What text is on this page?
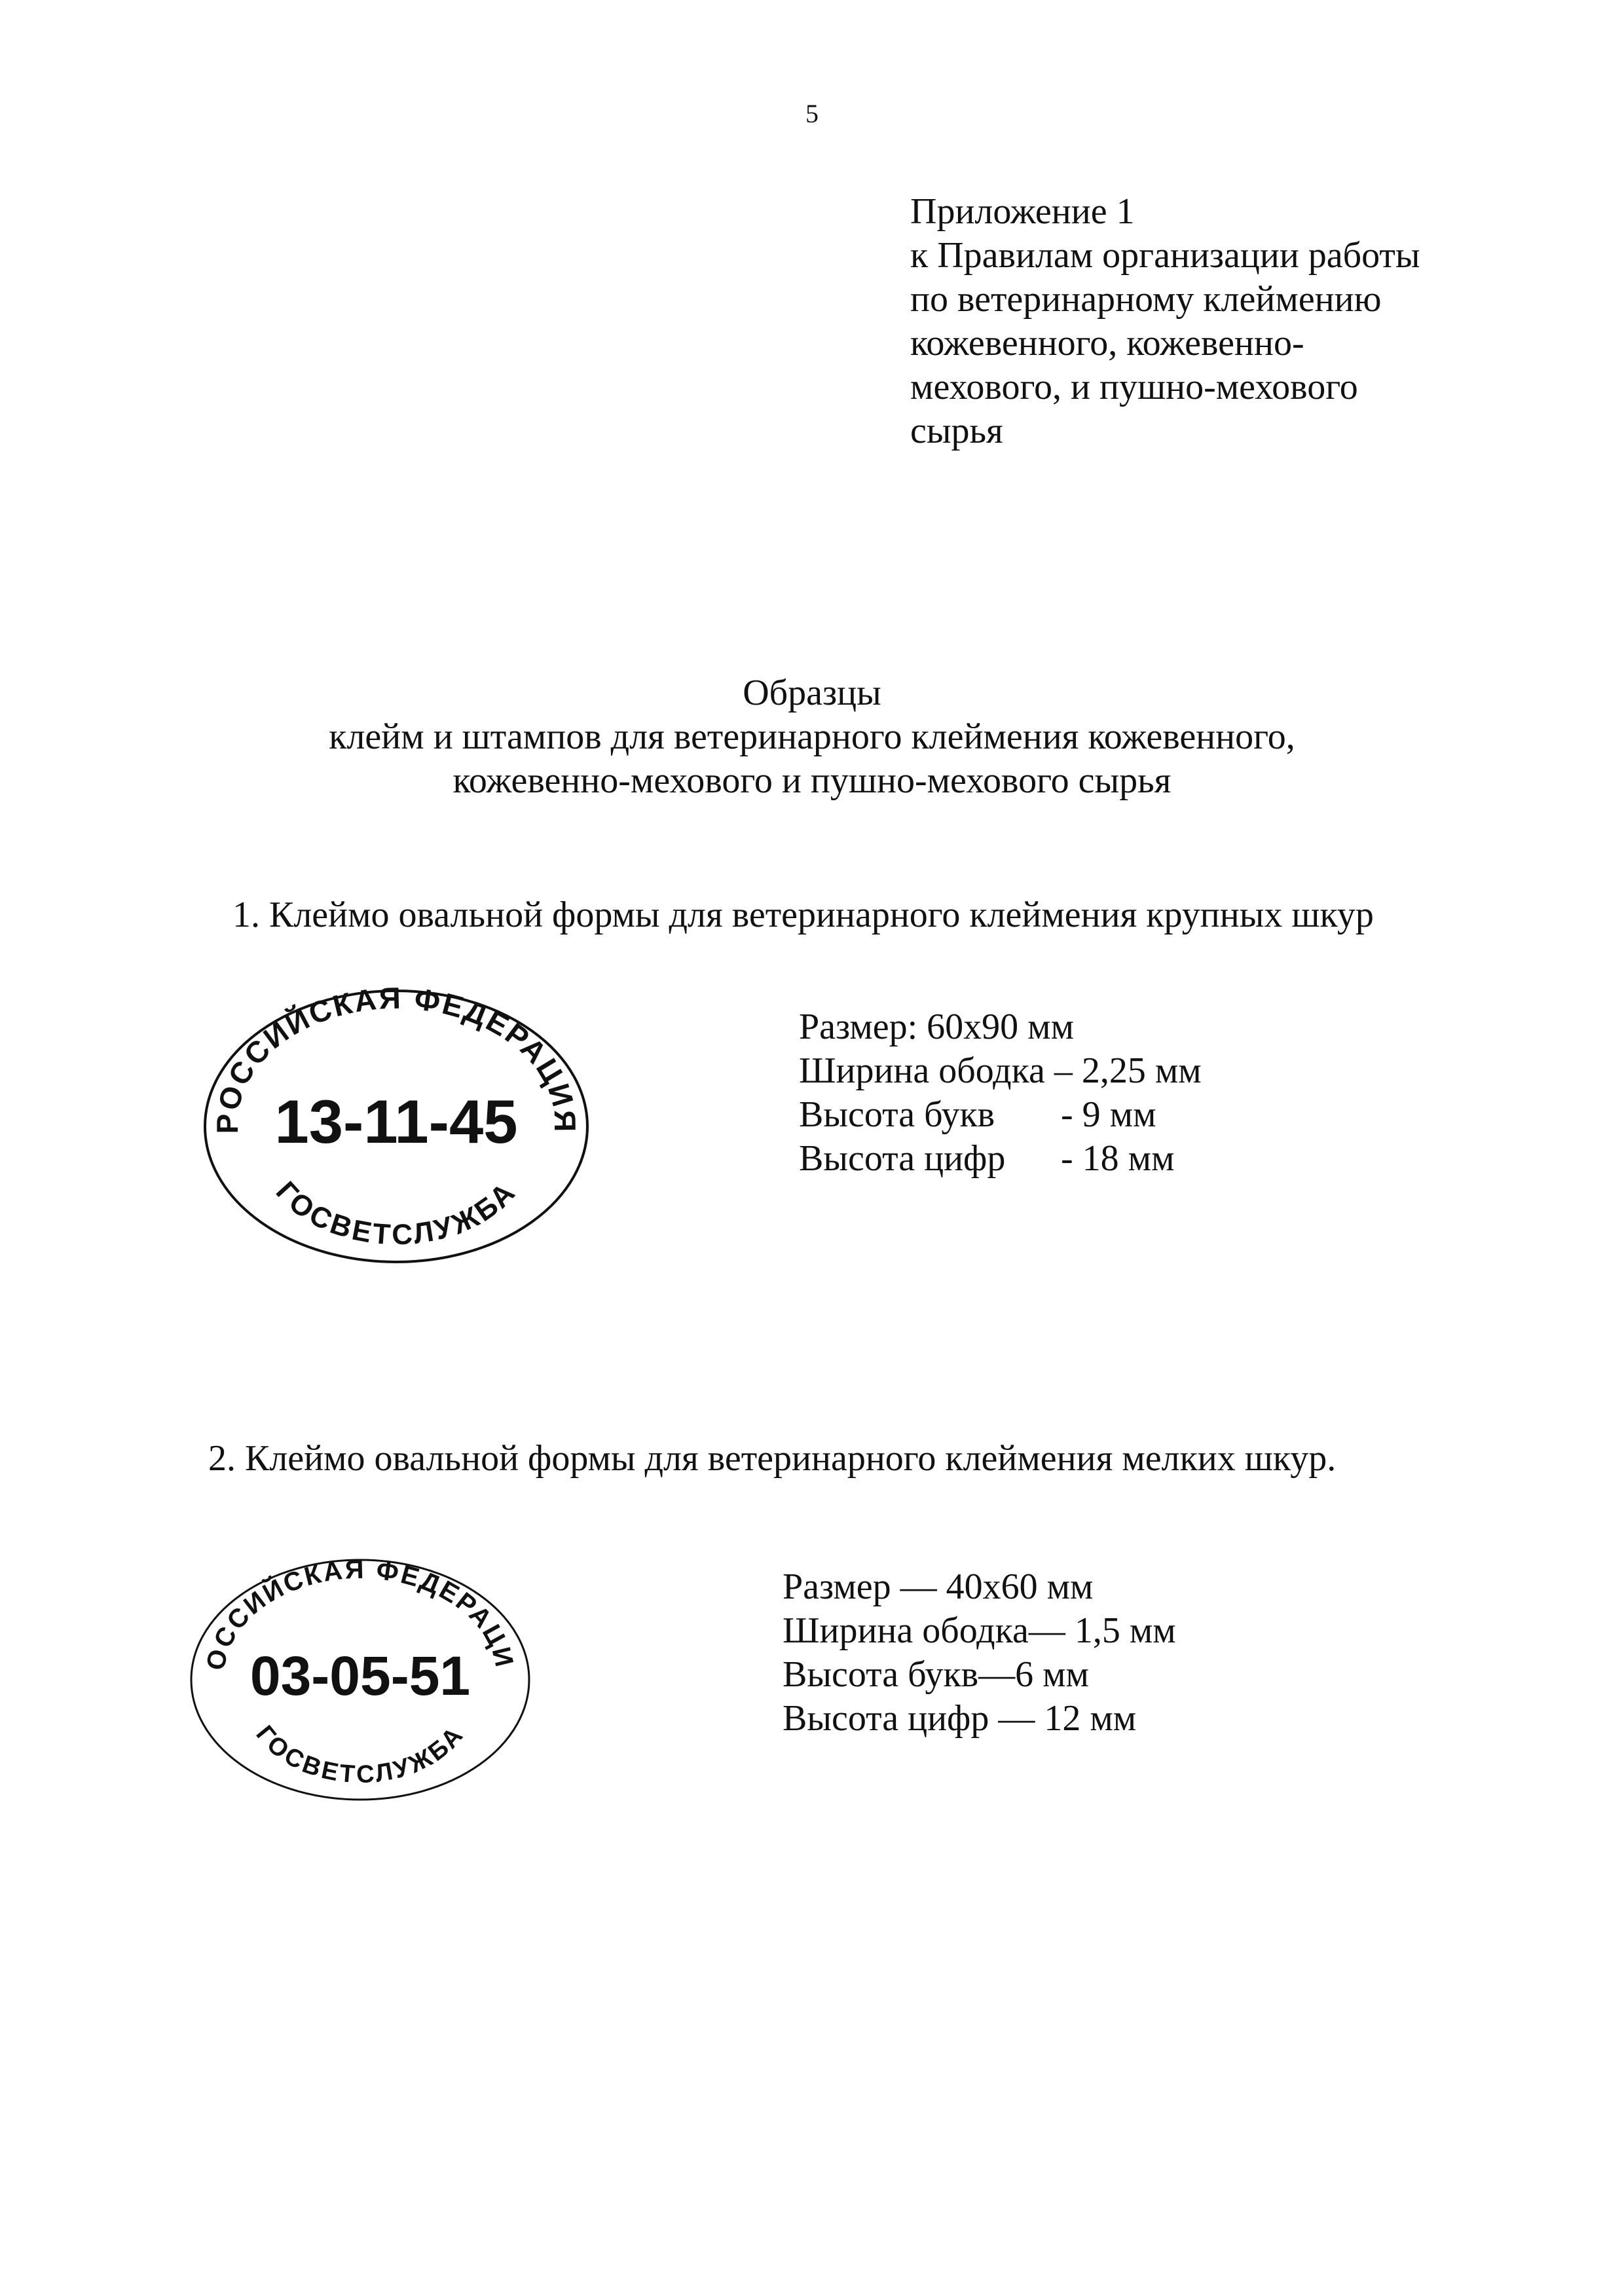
5
Приложение 1
к Правилам организации работы
по ветеринарному клеймению
кожевенного, кожевенно-
мехового, и пушно-мехового
сырья
Образцы
клейм и штампов для ветеринарного клеймения кожевенного,
кожевенно-мехового и пушно-мехового сырья
1. Клеймо овальной формы для ветеринарного клеймения крупных шкур
РОССИЙСКАЯ ФЕДЕРАЦИЯ
13-11-45
ГОСВЕТСЛУЖБА
Размер: 60х90 мм
Ширина ободка – 2,25 мм
Высота букв - 9 мм
Высота цифр - 18 мм
2. Клеймо овальной формы для ветеринарного клеймения мелких шкур.
РОССИЙСКАЯ ФЕДЕРАЦИЯ
03-05-51
ГОСВЕТСЛУЖБА
Размер — 40х60 мм
Ширина ободка— 1,5 мм
Высота букв—6 мм
Высота цифр — 12 мм
